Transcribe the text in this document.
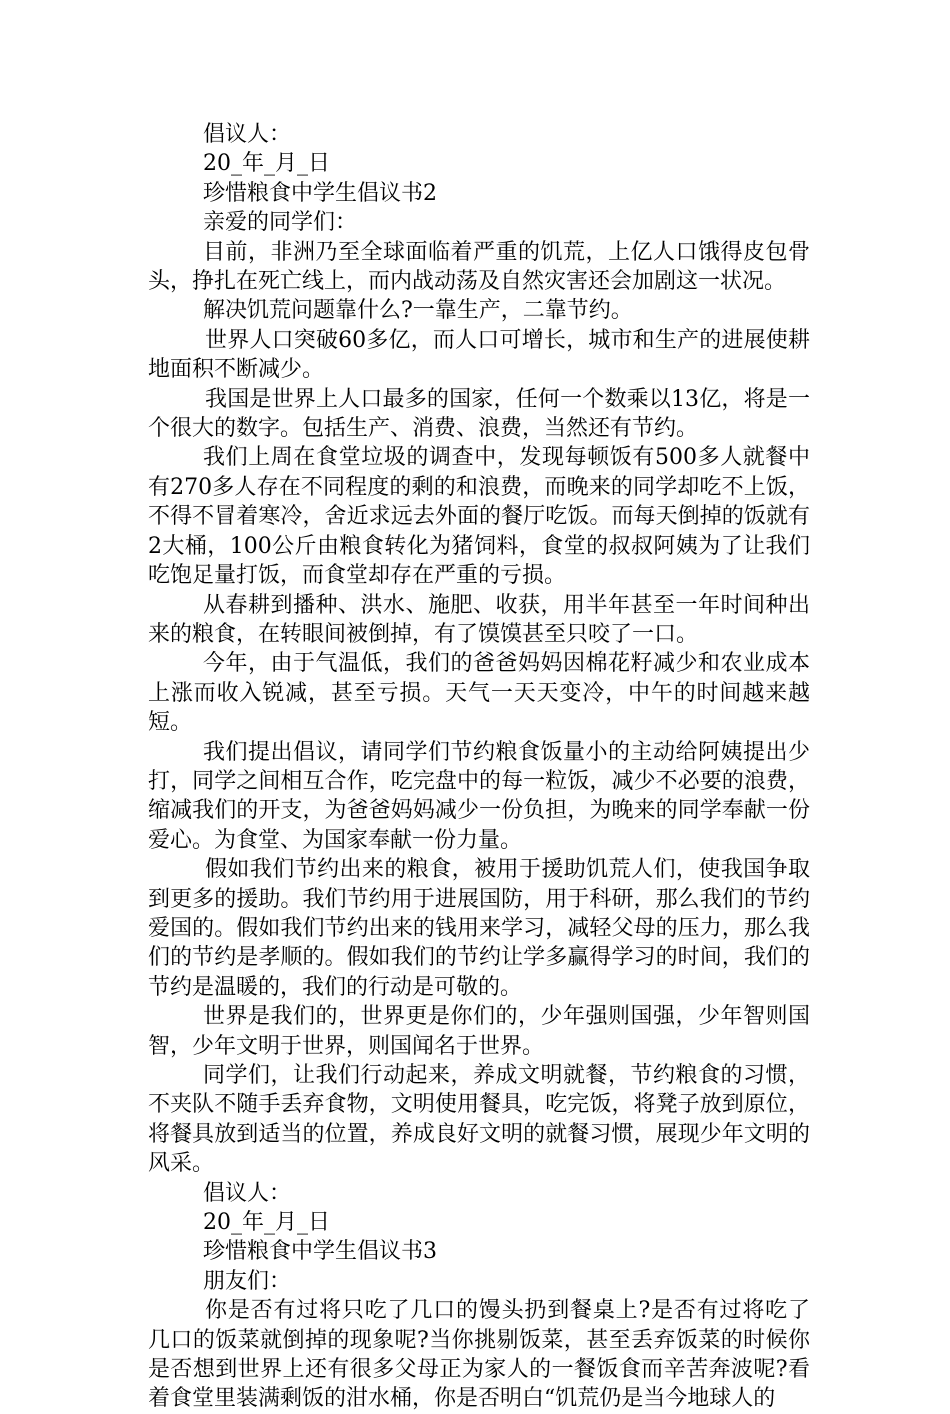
倡议人：

20_年_月_日

珍惜粮食中学生倡议书2

亲爱的同学们：

目前，非洲乃至全球面临着严重的饥荒，上亿人口饿得皮包骨头，挣扎在死亡线上，而内战动荡及自然灾害还会加剧这一状况。

解决饥荒问题靠什么?一靠生产，二靠节约。

世界人口突破60多亿，而人口可增长，城市和生产的进展使耕地面积不断减少。

我国是世界上人口最多的国家，任何一个数乘以13亿，将是一个很大的数字。包括生产、消费、浪费，当然还有节约。

我们上周在食堂垃圾的调查中，发现每顿饭有500多人就餐中有270多人存在不同程度的剩的和浪费，而晚来的同学却吃不上饭，不得不冒着寒冷，舍近求远去外面的餐厅吃饭。而每天倒掉的饭就有2大桶，100公斤由粮食转化为猪饲料，食堂的叔叔阿姨为了让我们吃饱足量打饭，而食堂却存在严重的亏损。

从春耕到播种、洪水、施肥、收获，用半年甚至一年时间种出来的粮食，在转眼间被倒掉，有了馍馍甚至只咬了一口。

今年，由于气温低，我们的爸爸妈妈因棉花籽减少和农业成本上涨而收入锐减，甚至亏损。天气一天天变冷，中午的时间越来越短。

我们提出倡议，请同学们节约粮食饭量小的主动给阿姨提出少打，同学之间相互合作，吃完盘中的每一粒饭，减少不必要的浪费，缩减我们的开支，为爸爸妈妈减少一份负担，为晚来的同学奉献一份爱心。为食堂、为国家奉献一份力量。

假如我们节约出来的粮食，被用于援助饥荒人们，使我国争取到更多的援助。我们节约用于进展国防，用于科研，那么我们的节约爱国的。假如我们节约出来的钱用来学习，减轻父母的压力，那么我们的节约是孝顺的。假如我们的节约让学多赢得学习的时间，我们的节约是温暖的，我们的行动是可敬的。

世界是我们的，世界更是你们的，少年强则国强，少年智则国智，少年文明于世界，则国闻名于世界。

同学们，让我们行动起来，养成文明就餐，节约粮食的习惯，不夹队不随手丢弃食物，文明使用餐具，吃完饭，将凳子放到原位，将餐具放到适当的位置，养成良好文明的就餐习惯，展现少年文明的风采。

倡议人：

20_年_月_日

珍惜粮食中学生倡议书3

朋友们：

你是否有过将只吃了几口的馒头扔到餐桌上?是否有过将吃了几口的饭菜就倒掉的现象呢?当你挑剔饭菜，甚至丢弃饭菜的时候你是否想到世界上还有很多父母正为家人的一餐饭食而辛苦奔波呢?看着食堂里装满剩饭的泔水桶，你是否明白“饥荒仍是当今地球人的
